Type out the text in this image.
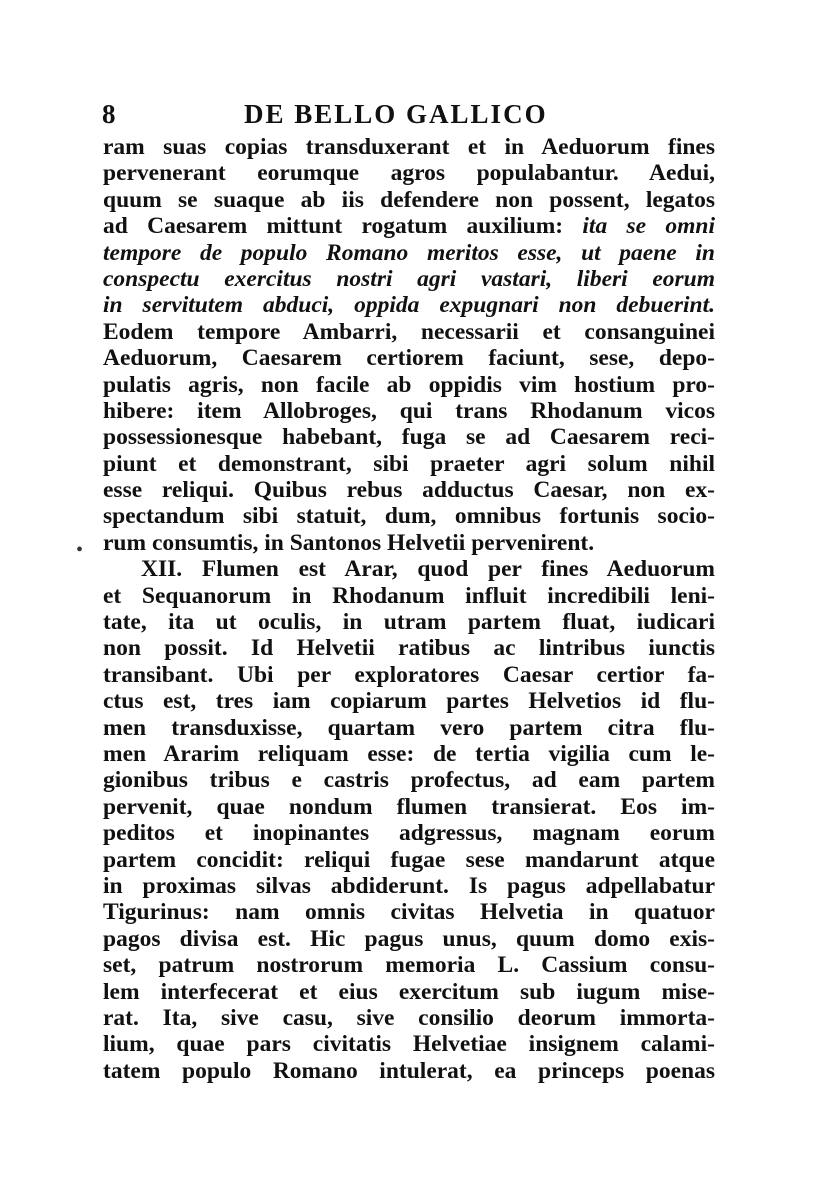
8	DE BELLO GALLICO
•
ram suas copias transduxerant et in Aeduorum fines
pervenerant eorumque agros populabantur. Aedui,
quum se suaque ab iis defendere non possent, legatos
ad Caesarem mittunt rogatum auxilium: ita se omni
tempore de populo Romano meritos esse, ut paene in
conspectu exercitus nostri agri vastari, liberi eorum
in servitutem abduci, oppida expugnari non debuerint.
Eodem tempore Ambarri, necessarii et consanguinei
Aeduorum, Caesarem certiorem faciunt, sese, depo-
pulatis agris, non facile ab oppidis vim hostium pro-
hibere: item Allobroges, qui trans Rhodanum vicos
possessionesque habebant, fuga se ad Caesarem reci-
piunt et demonstrant, sibi praeter agri solum nihil
esse reliqui. Quibus rebus adductus Caesar, non ex-
spectandum sibi statuit, dum, omnibus fortunis socio-
rum consumtis, in Santonos Helvetii pervenirent.
XII. Flumen est Arar, quod per fines Aeduorum
et Sequanorum in Rhodanum influit incredibili leni-
tate, ita ut oculis, in utram partem fluat, iudicari
non possit. Id Helvetii ratibus ac lintribus iunctis
transibant. Ubi per exploratores Caesar certior fa-
ctus est, tres iam copiarum partes Helvetios id flu-
men transduxisse, quartam vero partem citra flu-
men Ararim reliquam esse: de tertia vigilia cum le-
gionibus tribus e castris profectus, ad eam partem
pervenit, quae nondum flumen transierat. Eos im-
peditos et inopinantes adgressus, magnam eorum
partem concidit: reliqui fugae sese mandarunt atque
in proximas silvas abdiderunt. Is pagus adpellabatur
Tigurinus: nam omnis civitas Helvetia in quatuor
pagos divisa est. Hic pagus unus, quum domo exis-
set, patrum nostrorum memoria L. Cassium consu-
lem interfecerat et eius exercitum sub iugum mise-
rat. Ita, sive casu, sive consilio deorum immorta-
lium, quae pars civitatis Helvetiae insignem calami-
tatem populo Romano intulerat, ea princeps poenas
